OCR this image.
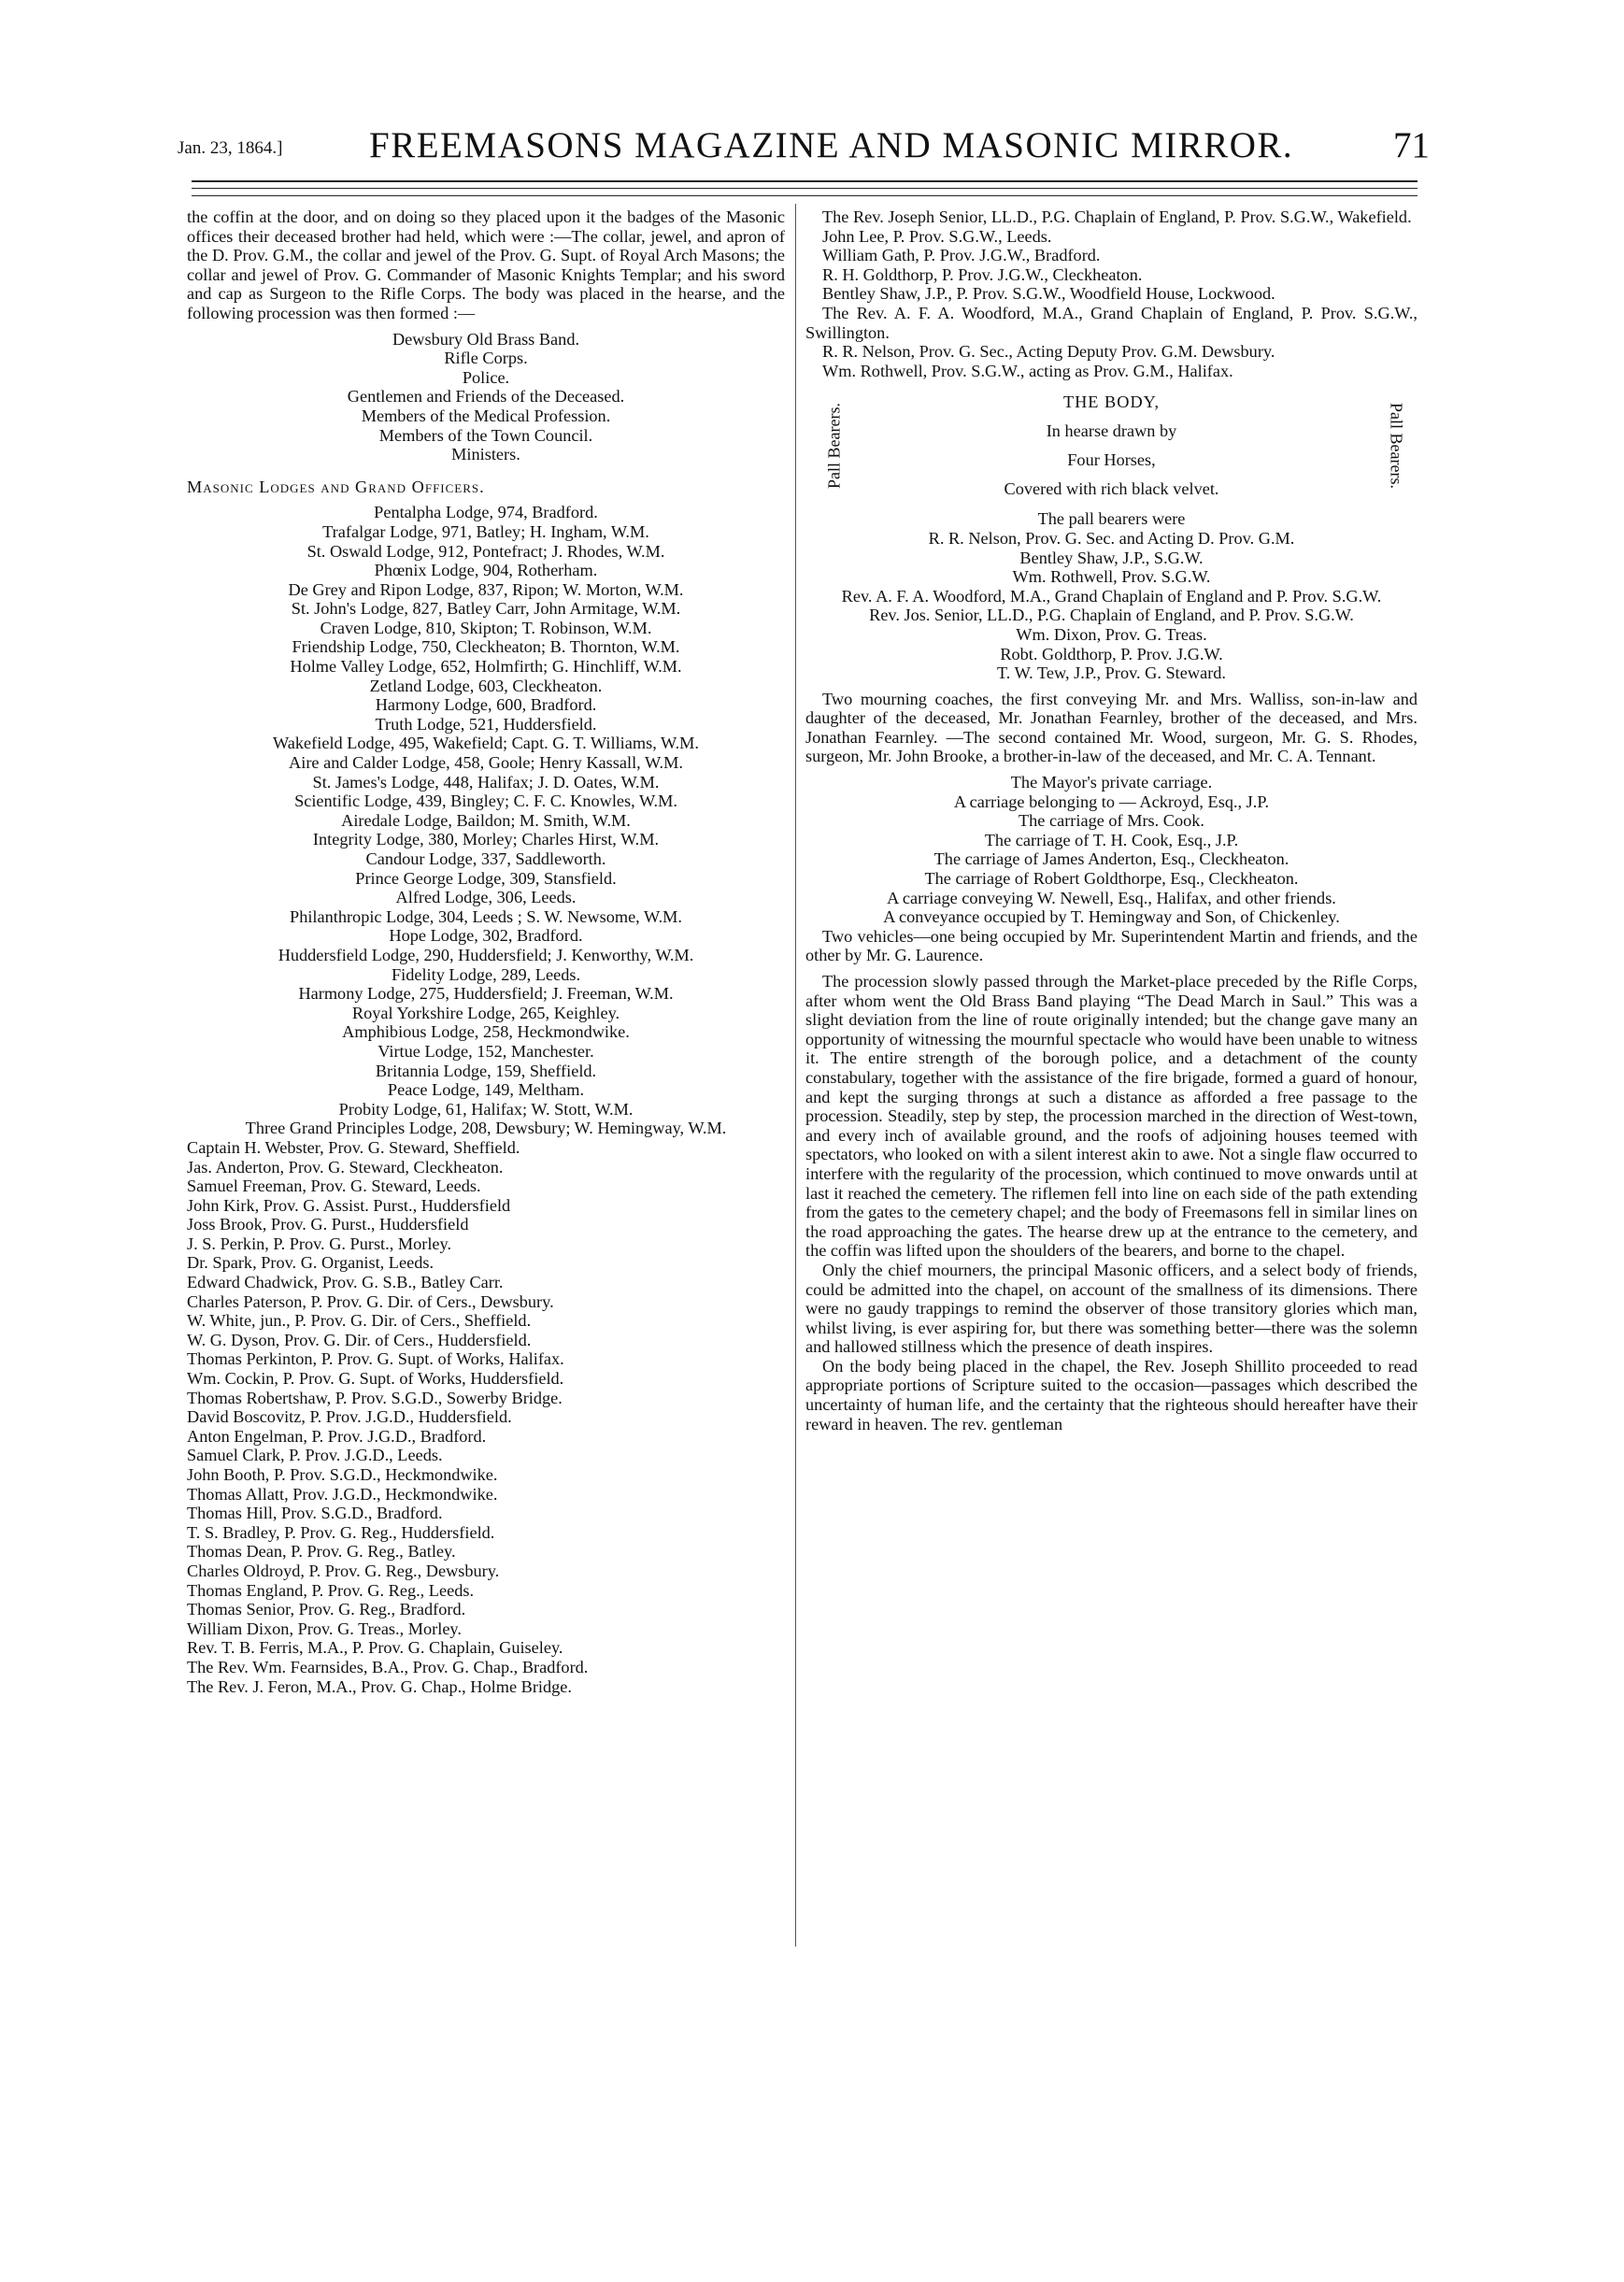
Jan. 23, 1864.] FREEMASONS MAGAZINE AND MASONIC MIRROR.	71

the coffin at the door, and on doing so they placed upon it the badges of the Masonic offices their deceased brother had held, which were :—The collar, jewel, and apron of the D. Prov. G.M., the collar and jewel of the Prov. G. Supt. of Royal Arch Masons; the collar and jewel of Prov. G. Commander of Masonic Knights Templar; and his sword and cap as Surgeon to the Rifle Corps. The body was placed in the hearse, and the following procession was then formed :—

Dewsbury Old Brass Band.

Rifle Corps.

Police.

Gentlemen and Friends of the Deceased.

Members of the Medical Profession.

Members of the Town Council.

Ministers.

Masonic Lodges and Grand Officers.

Pentalpha Lodge, 974, Bradford.

Trafalgar Lodge, 971, Batley; H. Ingham, W.M.

St. Oswald Lodge, 912, Pontefract; J. Rhodes, W.M.

Phœnix Lodge, 904, Rotherham.

De Grey and Ripon Lodge, 837, Ripon; W. Morton, W.M.

St. John's Lodge, 827, Batley Carr, John Armitage, W.M.

Craven Lodge, 810, Skipton; T. Robinson, W.M.

Friendship Lodge, 750, Cleckheaton; B. Thornton, W.M.

Holme Valley Lodge, 652, Holmfirth; G. Hinchliff, W.M.

Zetland Lodge, 603, Cleckheaton.

Harmony Lodge, 600, Bradford.

Truth Lodge, 521, Huddersfield.

Wakefield Lodge, 495, Wakefield; Capt. G. T. Williams, W.M.

Aire and Calder Lodge, 458, Goole; Henry Kassall, W.M.

St. James's Lodge, 448, Halifax; J. D. Oates, W.M.

Scientific Lodge, 439, Bingley; C. F. C. Knowles, W.M.

Airedale Lodge, Baildon; M. Smith, W.M.

Integrity Lodge, 380, Morley; Charles Hirst, W.M.

Candour Lodge, 337, Saddleworth.

Prince George Lodge, 309, Stansfield.

Alfred Lodge, 306, Leeds.

Philanthropic Lodge, 304, Leeds ; S. W. Newsome, W.M.

Hope Lodge, 302, Bradford.

Huddersfield Lodge, 290, Huddersfield; J. Kenworthy, W.M.

Fidelity Lodge, 289, Leeds.

Harmony Lodge, 275, Huddersfield; J. Freeman, W.M.

Royal Yorkshire Lodge, 265, Keighley.

Amphibious Lodge, 258, Heckmondwike.

Virtue Lodge, 152, Manchester.

Britannia Lodge, 159, Sheffield.

Peace Lodge, 149, Meltham.

Probity Lodge, 61, Halifax; W. Stott, W.M.

Three Grand Principles Lodge, 208, Dewsbury; W. Hemingway, W.M.

Captain H. Webster, Prov. G. Steward, Sheffield.

Jas. Anderton, Prov. G. Steward, Cleckheaton.

Samuel Freeman, Prov. G. Steward, Leeds.

John Kirk, Prov. G. Assist. Purst., Huddersfield

Joss Brook, Prov. G. Purst., Huddersfield

J. S. Perkin, P. Prov. G. Purst., Morley.

Dr. Spark, Prov. G. Organist, Leeds.

Edward Chadwick, Prov. G. S.B., Batley Carr.

Charles Paterson, P. Prov. G. Dir. of Cers., Dewsbury.

W. White, jun., P. Prov. G. Dir. of Cers., Sheffield.

W. G. Dyson, Prov. G. Dir. of Cers., Huddersfield.

Thomas Perkinton, P. Prov. G. Supt. of Works, Halifax.

Wm. Cockin, P. Prov. G. Supt. of Works, Huddersfield.

Thomas Robertshaw, P. Prov. S.G.D., Sowerby Bridge.

David Boscovitz, P. Prov. J.G.D., Huddersfield.

Anton Engelman, P. Prov. J.G.D., Bradford.

Samuel Clark, P. Prov. J.G.D., Leeds.

John Booth, P. Prov. S.G.D., Heckmondwike.

Thomas Allatt, Prov. J.G.D., Heckmondwike.

Thomas Hill, Prov. S.G.D., Bradford.

T. S. Bradley, P. Prov. G. Reg., Huddersfield.

Thomas Dean, P. Prov. G. Reg., Batley.

Charles Oldroyd, P. Prov. G. Reg., Dewsbury.

Thomas England, P. Prov. G. Reg., Leeds.

Thomas Senior, Prov. G. Reg., Bradford.

William Dixon, Prov. G. Treas., Morley.

Rev. T. B. Ferris, M.A., P. Prov. G. Chaplain, Guiseley.

The Rev. Wm. Fearnsides, B.A., Prov. G. Chap., Bradford.

The Rev. J. Feron, M.A., Prov. G. Chap., Holme Bridge.

The Rev. Joseph Senior, LL.D., P.G. Chaplain of England, P. Prov. S.G.W., Wakefield.

John Lee, P. Prov. S.G.W., Leeds.

William Gath, P. Prov. J.G.W., Bradford.

R. H. Goldthorp, P. Prov. J.G.W., Cleckheaton.

Bentley Shaw, J.P., P. Prov. S.G.W., Woodfield House, Lockwood.

The Rev. A. F. A. Woodford, M.A., Grand Chaplain of England, P. Prov. S.G.W., Swillington.

R. R. Nelson, Prov. G. Sec., Acting Deputy Prov. G.M. Dewsbury.

Wm. Rothwell, Prov. S.G.W., acting as Prov. G.M., Halifax.

Pall Bearers.
THE BODY,
In hearse drawn by
Four Horses,
Covered with rich black velvet.
Pall Bearers.

The pall bearers were

R. R. Nelson, Prov. G. Sec. and Acting D. Prov. G.M.

Bentley Shaw, J.P., S.G.W.

Wm. Rothwell, Prov. S.G.W.

Rev. A. F. A. Woodford, M.A., Grand Chaplain of England and P. Prov. S.G.W.

Rev. Jos. Senior, LL.D., P.G. Chaplain of England, and P. Prov. S.G.W.

Wm. Dixon, Prov. G. Treas.

Robt. Goldthorp, P. Prov. J.G.W.

T. W. Tew, J.P., Prov. G. Steward.

Two mourning coaches, the first conveying Mr. and Mrs. Walliss, son-in-law and daughter of the deceased, Mr. Jonathan Fearnley, brother of the deceased, and Mrs. Jonathan Fearnley. —The second contained Mr. Wood, surgeon, Mr. G. S. Rhodes, surgeon, Mr. John Brooke, a brother-in-law of the deceased, and Mr. C. A. Tennant.

The Mayor's private carriage.

A carriage belonging to — Ackroyd, Esq., J.P.

The carriage of Mrs. Cook.

The carriage of T. H. Cook, Esq., J.P.

The carriage of James Anderton, Esq., Cleckheaton.

The carriage of Robert Goldthorpe, Esq., Cleckheaton.

A carriage conveying W. Newell, Esq., Halifax, and other friends.

A conveyance occupied by T. Hemingway and Son, of Chickenley.

Two vehicles—one being occupied by Mr. Superintendent Martin and friends, and the other by Mr. G. Laurence.

The procession slowly passed through the Market-place preceded by the Rifle Corps, after whom went the Old Brass Band playing “The Dead March in Saul.” This was a slight deviation from the line of route originally intended; but the change gave many an opportunity of witnessing the mournful spectacle who would have been unable to witness it. The entire strength of the borough police, and a detachment of the county constabulary, together with the assistance of the fire brigade, formed a guard of honour, and kept the surging throngs at such a distance as afforded a free passage to the procession. Steadily, step by step, the procession marched in the direction of West-town, and every inch of available ground, and the roofs of adjoining houses teemed with spectators, who looked on with a silent interest akin to awe. Not a single flaw occurred to interfere with the regularity of the procession, which continued to move onwards until at last it reached the cemetery. The riflemen fell into line on each side of the path extending from the gates to the cemetery chapel; and the body of Freemasons fell in similar lines on the road approaching the gates. The hearse drew up at the entrance to the cemetery, and the coffin was lifted upon the shoulders of the bearers, and borne to the chapel.

Only the chief mourners, the principal Masonic officers, and a select body of friends, could be admitted into the chapel, on account of the smallness of its dimensions. There were no gaudy trappings to remind the observer of those transitory glories which man, whilst living, is ever aspiring for, but there was something better—there was the solemn and hallowed stillness which the presence of death inspires.

On the body being placed in the chapel, the Rev. Joseph Shillito proceeded to read appropriate portions of Scripture suited to the occasion—passages which described the uncertainty of human life, and the certainty that the righteous should hereafter have their reward in heaven. The rev. gentleman
